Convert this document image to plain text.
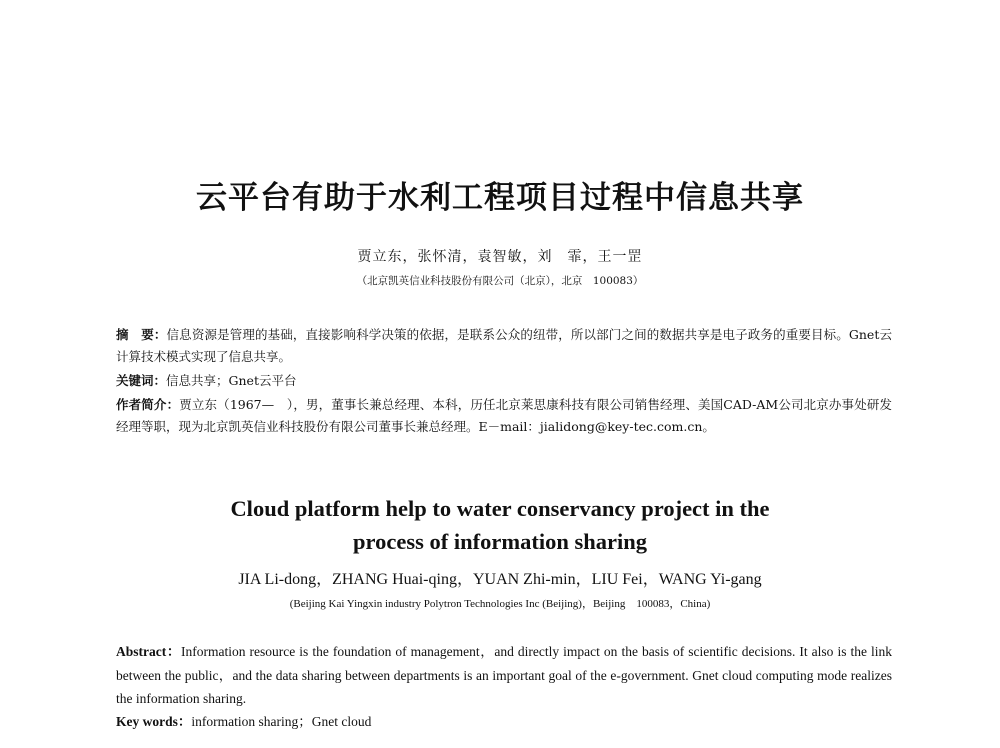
云平台有助于水利工程项目过程中信息共享
贾立东，张怀清，袁智敏，刘　霏，王一罡
（北京凯英信业科技股份有限公司（北京），北京　100083）
摘　要：信息资源是管理的基础，直接影响科学决策的依据，是联系公众的纽带，所以部门之间的数据共享是电子政务的重要目标。Gnet云计算技术模式实现了信息共享。
关键词：信息共享；Gnet云平台
作者简介：贾立东（1967—　），男，董事长兼总经理、本科，历任北京莱思康科技有限公司销售经理、美国CAD-AM公司北京办事处研发经理等职，现为北京凯英信业科技股份有限公司董事长兼总经理。E－mail：jialidong@key-tec.com.cn。
Cloud platform help to water conservancy project in the
process of information sharing
JIA Li-dong，ZHANG Huai-qing，YUAN Zhi-min，LIU Fei，WANG Yi-gang
(Beijing Kai Yingxin industry Polytron Technologies Inc (Beijing)，Beijing　100083，China)
Abstract：Information resource is the foundation of management，and directly impact on the basis of scientific decisions. It also is the link between the public，and the data sharing between departments is an important goal of the e-government. Gnet cloud computing mode realizes the information sharing.
Key words：information sharing；Gnet cloud
